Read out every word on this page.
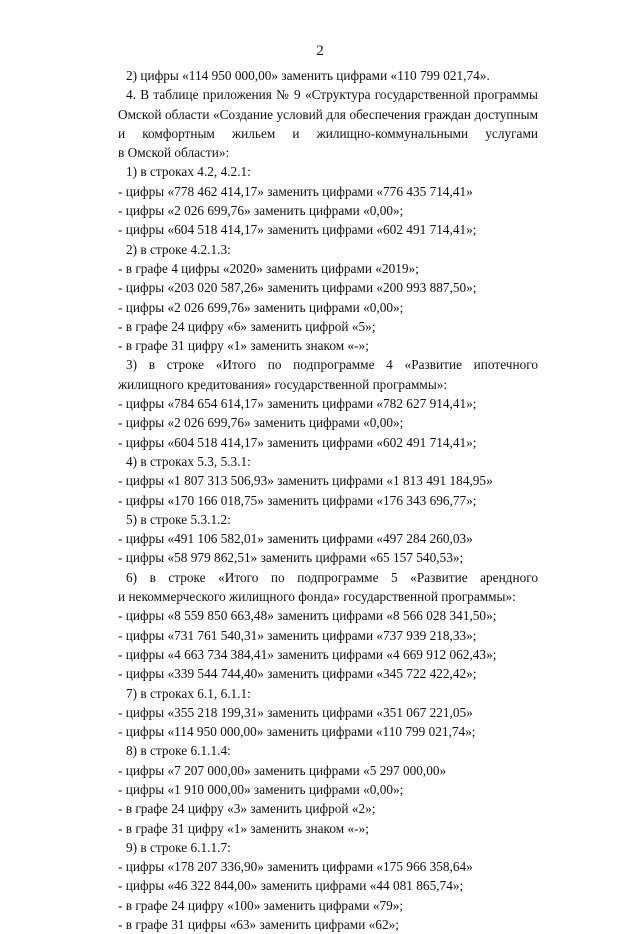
2
2) цифры «114 950 000,00» заменить цифрами «110 799 021,74».
4. В таблице приложения № 9 «Структура государственной программы
Омской области «Создание условий для обеспечения граждан доступным
и комфортным жильем и жилищно-коммунальными услугами
в Омской области»:
1) в строках 4.2, 4.2.1:
- цифры «778 462 414,17» заменить цифрами «776 435 714,41»
- цифры «2 026 699,76» заменить цифрами «0,00»;
- цифры «604 518 414,17» заменить цифрами «602 491 714,41»;
2) в строке 4.2.1.3:
- в графе 4 цифры «2020» заменить цифрами «2019»;
- цифры «203 020 587,26» заменить цифрами «200 993 887,50»;
- цифры «2 026 699,76» заменить цифрами «0,00»;
- в графе 24 цифру «6» заменить цифрой «5»;
- в графе 31 цифру «1» заменить знаком «-»;
3) в строке «Итого по подпрограмме 4 «Развитие ипотечного
жилищного кредитования» государственной программы»:
- цифры «784 654 614,17» заменить цифрами «782 627 914,41»;
- цифры «2 026 699,76» заменить цифрами «0,00»;
- цифры «604 518 414,17» заменить цифрами «602 491 714,41»;
4) в строках 5.3, 5.3.1:
- цифры «1 807 313 506,93» заменить цифрами «1 813 491 184,95»
- цифры «170 166 018,75» заменить цифрами «176 343 696,77»;
5) в строке 5.3.1.2:
- цифры «491 106 582,01» заменить цифрами «497 284 260,03»
- цифры «58 979 862,51» заменить цифрами «65 157 540,53»;
6) в строке «Итого по подпрограмме 5 «Развитие арендного
и некоммерческого жилищного фонда» государственной программы»:
- цифры «8 559 850 663,48» заменить цифрами «8 566 028 341,50»;
- цифры «731 761 540,31» заменить цифрами «737 939 218,33»;
- цифры «4 663 734 384,41» заменить цифрами «4 669 912 062,43»;
- цифры «339 544 744,40» заменить цифрами «345 722 422,42»;
7) в строках 6.1, 6.1.1:
- цифры «355 218 199,31» заменить цифрами «351 067 221,05»
- цифры «114 950 000,00» заменить цифрами «110 799 021,74»;
8) в строке 6.1.1.4:
- цифры «7 207 000,00» заменить цифрами «5 297 000,00»
- цифры «1 910 000,00» заменить цифрами «0,00»;
- в графе 24 цифру «3» заменить цифрой «2»;
- в графе 31 цифру «1» заменить знаком «-»;
9) в строке 6.1.1.7:
- цифры «178 207 336,90» заменить цифрами «175 966 358,64»
- цифры «46 322 844,00» заменить цифрами «44 081 865,74»;
- в графе 24 цифру «100» заменить цифрами «79»;
- в графе 31 цифры «63» заменить цифрами «62»;
